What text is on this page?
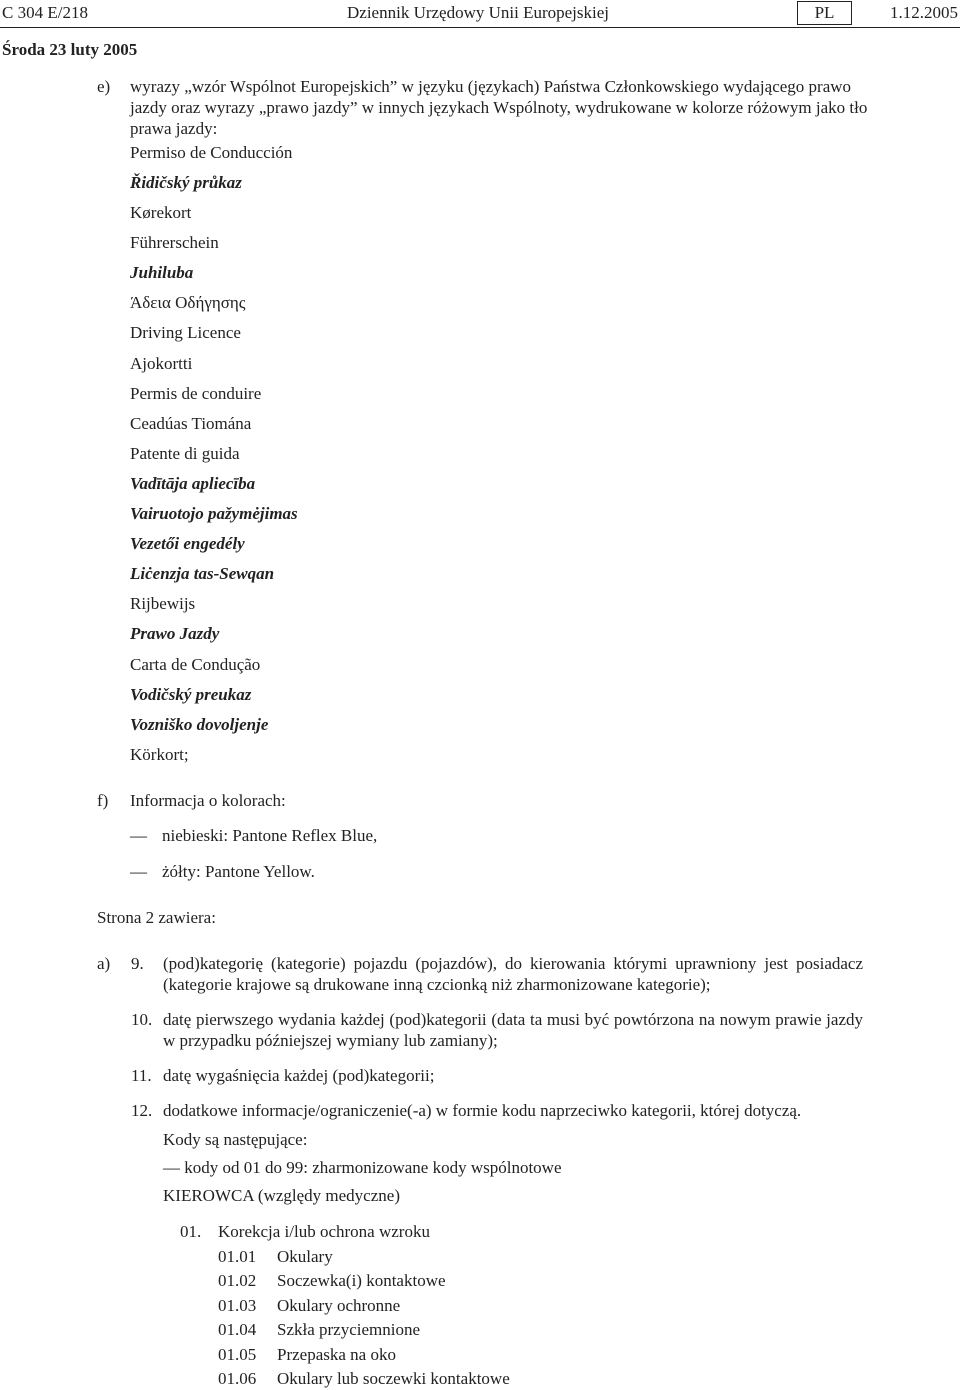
C 304 E/218	Dziennik Urzędowy Unii Europejskiej	PL	1.12.2005
Środa 23 luty 2005
e) wyrazy „wzór Wspólnot Europejskich” w języku (językach) Państwa Członkowskiego wydającego prawo jazdy oraz wyrazy „prawo jazdy” w innych językach Wspólnoty, wydrukowane w kolorze różowym jako tło prawa jazdy:
Permiso de Conducción
Řidičský průkaz
Kørekort
Führerschein
Juhiluba
Άδεια Οδήγησης
Driving Licence
Ajokortti
Permis de conduire
Ceadúas Tiomána
Patente di guida
Vadītāja apliecība
Vairuotojo pažymėjimas
Vezetői engedély
Liċenzja tas-Sewqan
Rijbewijs
Prawo Jazdy
Carta de Condução
Vodičský preukaz
Vozniško dovoljenje
Körkort;
f) Informacja o kolorach:
— niebieski: Pantone Reflex Blue,
— żółty: Pantone Yellow.
Strona 2 zawiera:
a) 9. (pod)kategorię (kategorie) pojazdu (pojazdów), do kierowania którymi uprawniony jest posiadacz (kategorie krajowe są drukowane inną czcionką niż zharmonizowane kategorie);
10. datę pierwszego wydania każdej (pod)kategorii (data ta musi być powtórzona na nowym prawie jazdy w przypadku późniejszej wymiany lub zamiany);
11. datę wygaśnięcia każdej (pod)kategorii;
12. dodatkowe informacje/ograniczenie(-a) w formie kodu naprzeciwko kategorii, której dotyczą.
Kody są następujące:
— kody od 01 do 99: zharmonizowane kody wspólnotowe
KIEROWCA (względy medyczne)
01. Korekcja i/lub ochrona wzroku
01.01 Okulary
01.02 Soczewka(i) kontaktowe
01.03 Okulary ochronne
01.04 Szkła przyciemnione
01.05 Przepaska na oko
01.06 Okulary lub soczewki kontaktowe
